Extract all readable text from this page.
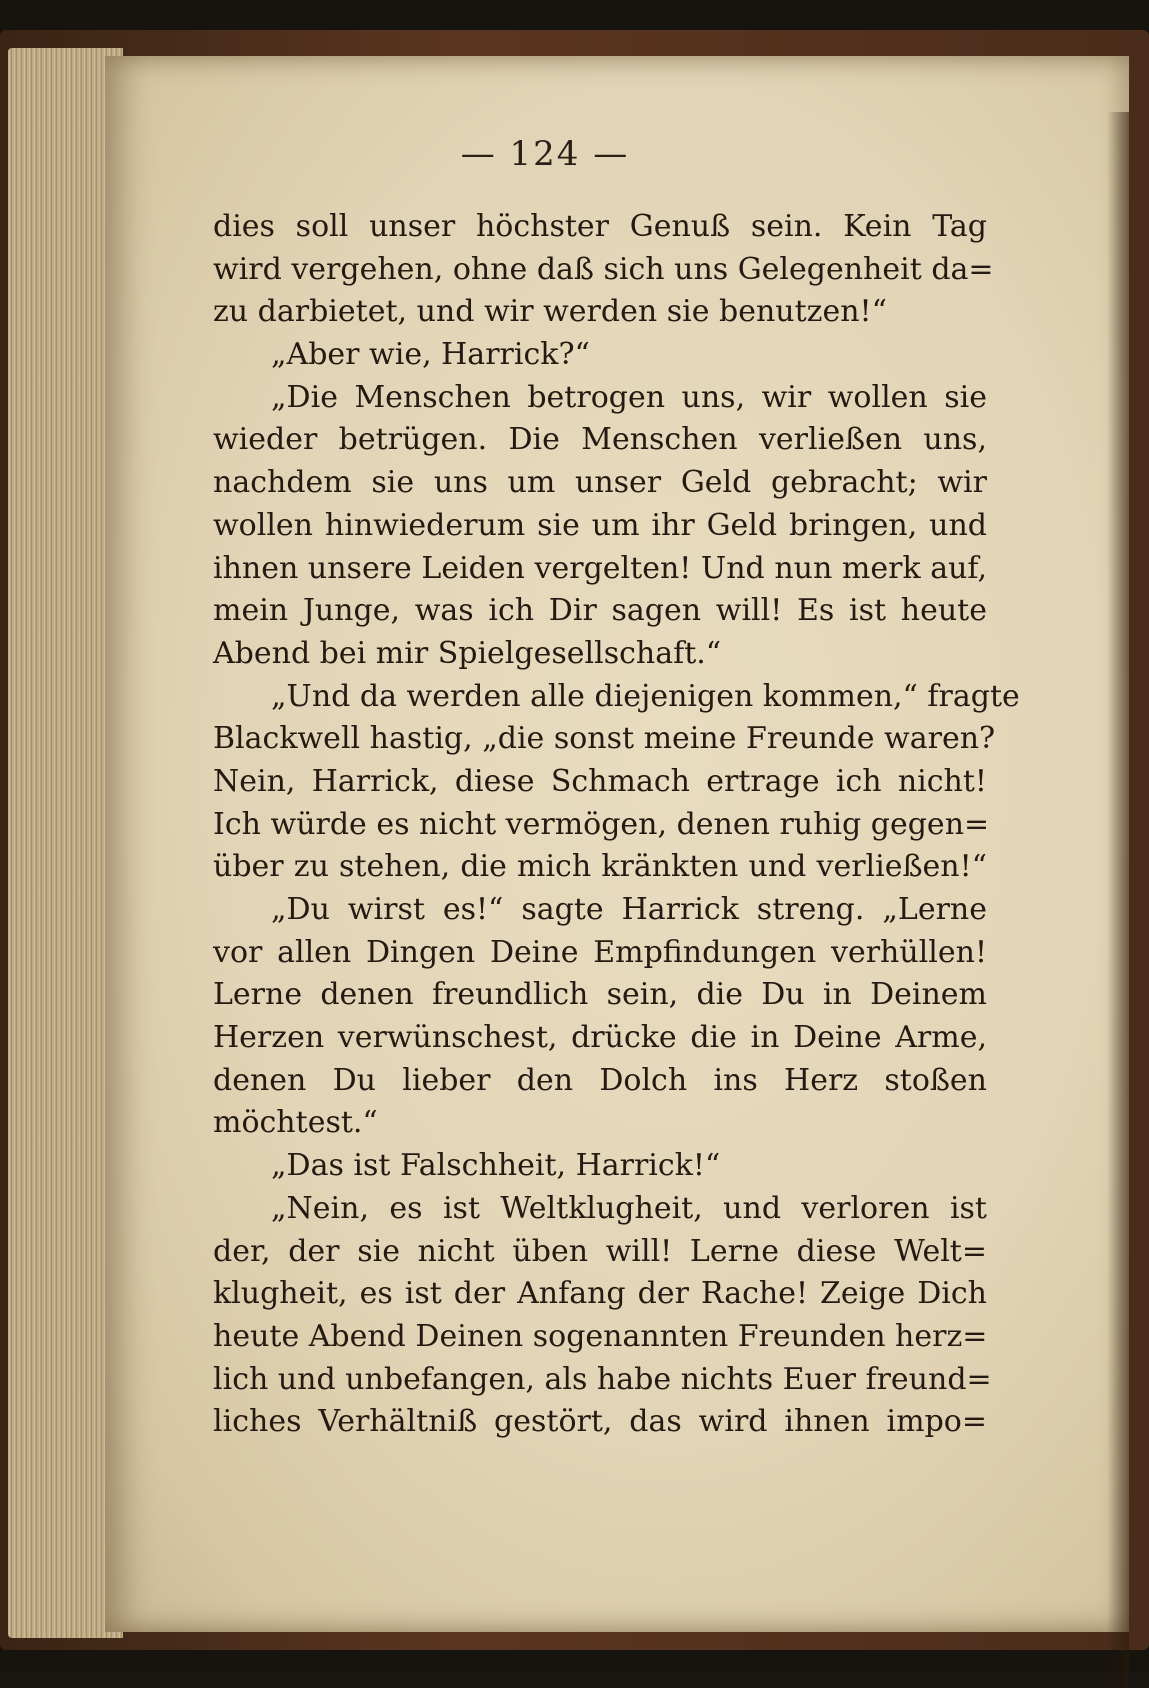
— 124 —
dies soll unser höchster Genuß sein. Kein Tag
wird vergehen, ohne daß sich uns Gelegenheit da=
zu darbietet, und wir werden sie benutzen!“
„Aber wie, Harrick?“
„Die Menschen betrogen uns, wir wollen sie
wieder betrügen. Die Menschen verließen uns,
nachdem sie uns um unser Geld gebracht; wir
wollen hinwiederum sie um ihr Geld bringen, und
ihnen unsere Leiden vergelten! Und nun merk auf,
mein Junge, was ich Dir sagen will! Es ist heute
Abend bei mir Spielgesellschaft.“
„Und da werden alle diejenigen kommen,“ fragte
Blackwell hastig, „die sonst meine Freunde waren?
Nein, Harrick, diese Schmach ertrage ich nicht!
Ich würde es nicht vermögen, denen ruhig gegen=
über zu stehen, die mich kränkten und verließen!“
„Du wirst es!“ sagte Harrick streng. „Lerne
vor allen Dingen Deine Empfindungen verhüllen!
Lerne denen freundlich sein, die Du in Deinem
Herzen verwünschest, drücke die in Deine Arme,
denen Du lieber den Dolch ins Herz stoßen
möchtest.“
„Das ist Falschheit, Harrick!“
„Nein, es ist Weltklugheit, und verloren ist
der, der sie nicht üben will! Lerne diese Welt=
klugheit, es ist der Anfang der Rache! Zeige Dich
heute Abend Deinen sogenannten Freunden herz=
lich und unbefangen, als habe nichts Euer freund=
liches Verhältniß gestört, das wird ihnen impo=
